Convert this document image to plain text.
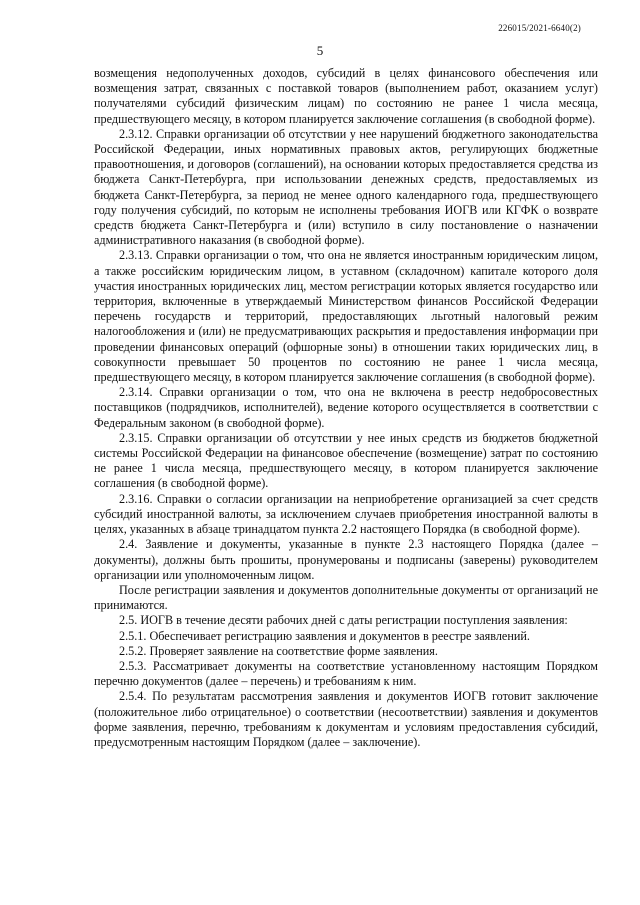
226015/2021-6640(2)
5

возмещения недополученных доходов, субсидий в целях финансового обеспечения или возмещения затрат, связанных с поставкой товаров (выполнением работ, оказанием услуг) получателями субсидий физическим лицам) по состоянию не ранее 1 числа месяца, предшествующего месяцу, в котором планируется заключение соглашения (в свободной форме).

2.3.12. Справки организации об отсутствии у нее нарушений бюджетного законодательства Российской Федерации, иных нормативных правовых актов, регулирующих бюджетные правоотношения, и договоров (соглашений), на основании которых предоставляется средства из бюджета Санкт-Петербурга, при использовании денежных средств, предоставляемых из бюджета Санкт-Петербурга, за период не менее одного календарного года, предшествующего году получения субсидий, по которым не исполнены требования ИОГВ или КГФК о возврате средств бюджета Санкт-Петербурга и (или) вступило в силу постановление о назначении административного наказания (в свободной форме).

2.3.13. Справки организации о том, что она не является иностранным юридическим лицом, а также российским юридическим лицом, в уставном (складочном) капитале которого доля участия иностранных юридических лиц, местом регистрации которых является государство или территория, включенные в утверждаемый Министерством финансов Российской Федерации перечень государств и территорий, предоставляющих льготный налоговый режим налогообложения и (или) не предусматривающих раскрытия и предоставления информации при проведении финансовых операций (офшорные зоны) в отношении таких юридических лиц, в совокупности превышает 50 процентов по состоянию не ранее 1 числа месяца, предшествующего месяцу, в котором планируется заключение соглашения (в свободной форме).

2.3.14. Справки организации о том, что она не включена в реестр недобросовестных поставщиков (подрядчиков, исполнителей), ведение которого осуществляется в соответствии с Федеральным законом (в свободной форме).

2.3.15. Справки организации об отсутствии у нее иных средств из бюджетов бюджетной системы Российской Федерации на финансовое обеспечение (возмещение) затрат по состоянию не ранее 1 числа месяца, предшествующего месяцу, в котором планируется заключение соглашения (в свободной форме).

2.3.16. Справки о согласии организации на неприобретение организацией за счет средств субсидий иностранной валюты, за исключением случаев приобретения иностранной валюты в целях, указанных в абзаце тринадцатом пункта 2.2 настоящего Порядка (в свободной форме).

2.4. Заявление и документы, указанные в пункте 2.3 настоящего Порядка (далее – документы), должны быть прошиты, пронумерованы и подписаны (заверены) руководителем организации или уполномоченным лицом.

После регистрации заявления и документов дополнительные документы от организаций не принимаются.

2.5. ИОГВ в течение десяти рабочих дней с даты регистрации поступления заявления:

2.5.1. Обеспечивает регистрацию заявления и документов в реестре заявлений.

2.5.2. Проверяет заявление на соответствие форме заявления.

2.5.3. Рассматривает документы на соответствие установленному настоящим Порядком перечню документов (далее – перечень) и требованиям к ним.

2.5.4. По результатам рассмотрения заявления и документов ИОГВ готовит заключение (положительное либо отрицательное) о соответствии (несоответствии) заявления и документов форме заявления, перечню, требованиям к документам и условиям предоставления субсидий, предусмотренным настоящим Порядком (далее – заключение).
